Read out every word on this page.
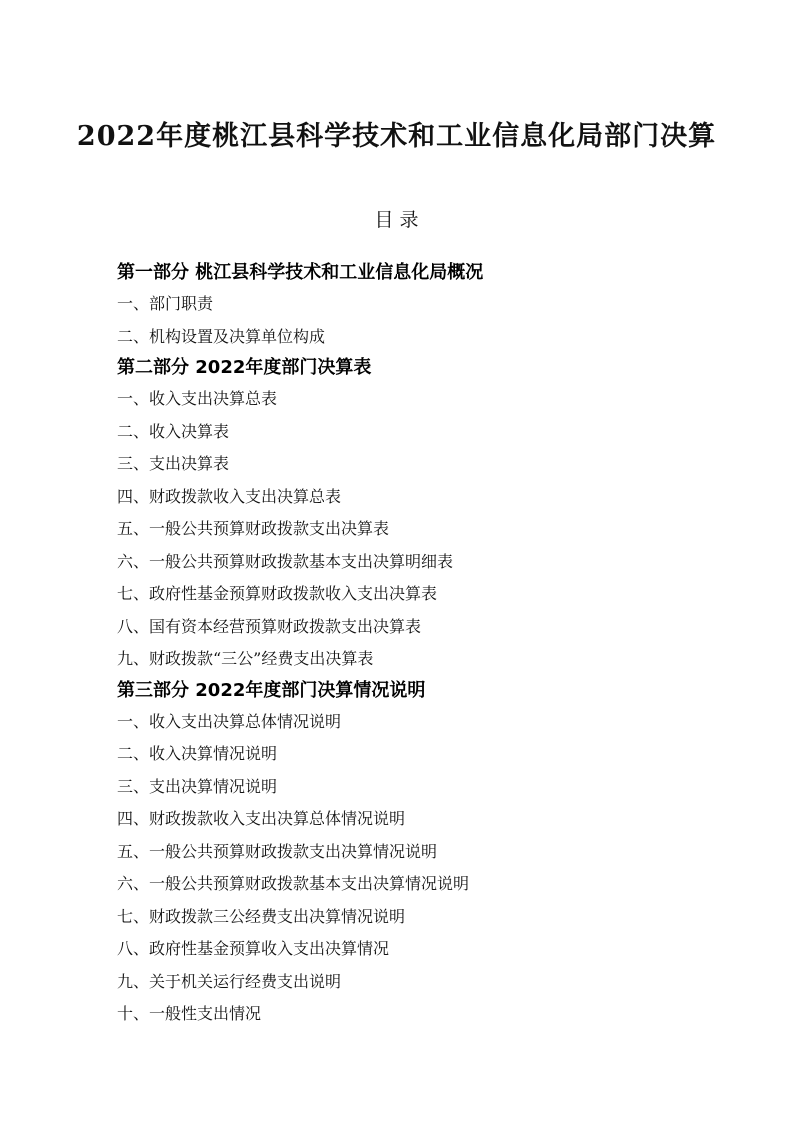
2022年度桃江县科学技术和工业信息化局部门决算
目 录
第一部分 桃江县科学技术和工业信息化局概况
一、部门职责
二、机构设置及决算单位构成
第二部分 2022年度部门决算表
一、收入支出决算总表
二、收入决算表
三、支出决算表
四、财政拨款收入支出决算总表
五、一般公共预算财政拨款支出决算表
六、一般公共预算财政拨款基本支出决算明细表
七、政府性基金预算财政拨款收入支出决算表
八、国有资本经营预算财政拨款支出决算表
九、财政拨款“三公”经费支出决算表
第三部分 2022年度部门决算情况说明
一、收入支出决算总体情况说明
二、收入决算情况说明
三、支出决算情况说明
四、财政拨款收入支出决算总体情况说明
五、一般公共预算财政拨款支出决算情况说明
六、一般公共预算财政拨款基本支出决算情况说明
七、财政拨款三公经费支出决算情况说明
八、政府性基金预算收入支出决算情况
九、关于机关运行经费支出说明
十、一般性支出情况
